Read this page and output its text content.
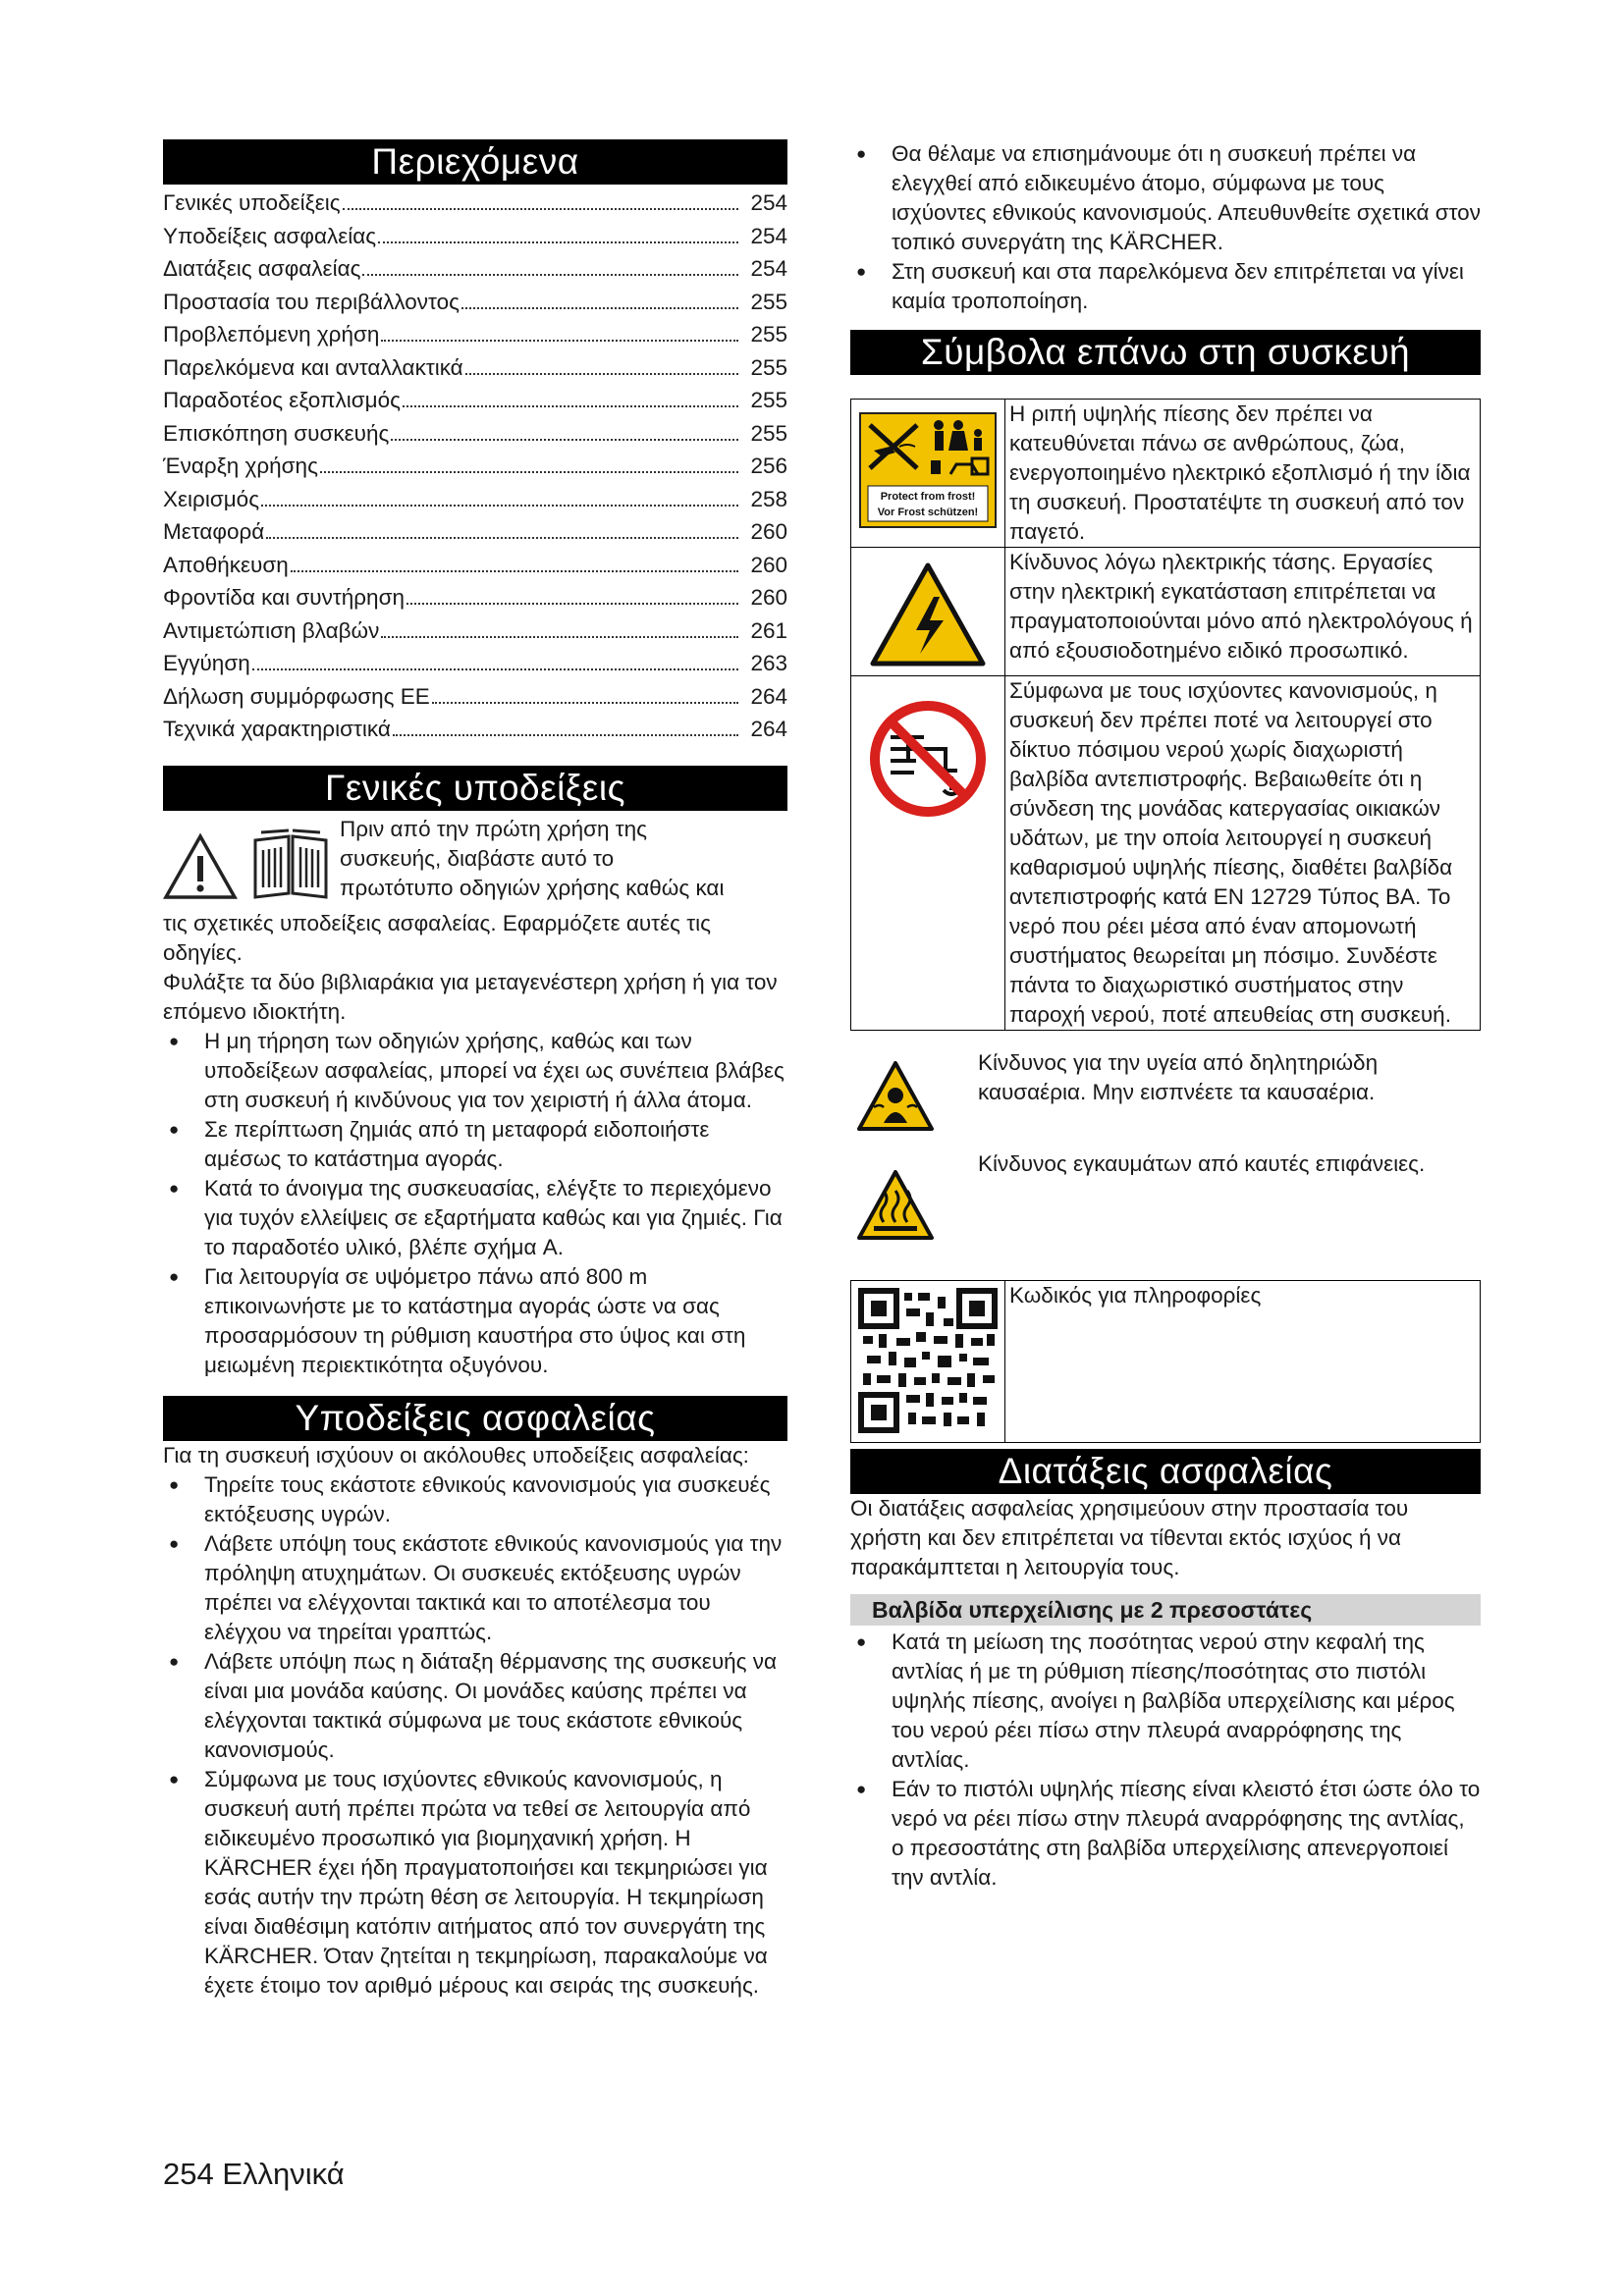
Περιεχόμενα
Γενικές υποδείξεις	254
Υποδείξεις ασφαλείας	254
Διατάξεις ασφαλείας	254
Προστασία του περιβάλλοντος	255
Προβλεπόμενη χρήση	255
Παρελκόμενα και ανταλλακτικά	255
Παραδοτέος εξοπλισμός	255
Επισκόπηση συσκευής	255
Έναρξη χρήσης	256
Χειρισμός	258
Μεταφορά	260
Αποθήκευση	260
Φροντίδα και συντήρηση	260
Αντιμετώπιση βλαβών	261
Εγγύηση	263
Δήλωση συμμόρφωσης ΕΕ	264
Τεχνικά χαρακτηριστικά	264
Γενικές υποδείξεις

Πριν από την πρώτη χρήση της

συσκευής, διαβάστε αυτό το

πρωτότυπο οδηγιών χρήσης καθώς και

τις σχετικές υποδείξεις ασφαλείας. Εφαρμόζετε αυτές τις οδηγίες.

Φυλάξτε τα δύο βιβλιαράκια για μεταγενέστερη χρήση ή για τον επόμενο ιδιοκτήτη.

● Η μη τήρηση των οδηγιών χρήσης, καθώς και των υποδείξεων ασφαλείας, μπορεί να έχει ως συνέπεια βλάβες στη συσκευή ή κινδύνους για τον χειριστή ή άλλα άτομα.
● Σε περίπτωση ζημιάς από τη μεταφορά ειδοποιήστε αμέσως το κατάστημα αγοράς.
● Κατά το άνοιγμα της συσκευασίας, ελέγξτε το περιεχόμενο για τυχόν ελλείψεις σε εξαρτήματα καθώς και για ζημιές. Για το παραδοτέο υλικό, βλέπε σχήμα A.
● Για λειτουργία σε υψόμετρο πάνω από 800 m επικοινωνήστε με το κατάστημα αγοράς ώστε να σας προσαρμόσουν τη ρύθμιση καυστήρα στο ύψος και στη μειωμένη περιεκτικότητα οξυγόνου.
Υποδείξεις ασφαλείας

Για τη συσκευή ισχύουν οι ακόλουθες υποδείξεις ασφαλείας:

● Τηρείτε τους εκάστοτε εθνικούς κανονισμούς για συσκευές εκτόξευσης υγρών.
● Λάβετε υπόψη τους εκάστοτε εθνικούς κανονισμούς για την πρόληψη ατυχημάτων. Οι συσκευές εκτόξευσης υγρών πρέπει να ελέγχονται τακτικά και το αποτέλεσμα του ελέγχου να τηρείται γραπτώς.
● Λάβετε υπόψη πως η διάταξη θέρμανσης της συσκευής να είναι μια μονάδα καύσης. Οι μονάδες καύσης πρέπει να ελέγχονται τακτικά σύμφωνα με τους εκάστοτε εθνικούς κανονισμούς.
● Σύμφωνα με τους ισχύοντες εθνικούς κανονισμούς, η συσκευή αυτή πρέπει πρώτα να τεθεί σε λειτουργία από ειδικευμένο προσωπικό για βιομηχανική χρήση. Η KÄRCHER έχει ήδη πραγματοποιήσει και τεκμηριώσει για εσάς αυτήν την πρώτη θέση σε λειτουργία. Η τεκμηρίωση είναι διαθέσιμη κατόπιν αιτήματος από τον συνεργάτη της KÄRCHER. Όταν ζητείται η τεκμηρίωση, παρακαλούμε να έχετε έτοιμο τον αριθμό μέρους και σειράς της συσκευής.
● Θα θέλαμε να επισημάνουμε ότι η συσκευή πρέπει να ελεγχθεί από ειδικευμένο άτομο, σύμφωνα με τους ισχύοντες εθνικούς κανονισμούς. Απευθυνθείτε σχετικά στον τοπικό συνεργάτη της KÄRCHER.
● Στη συσκευή και στα παρελκόμενα δεν επιτρέπεται να γίνει καμία τροποποίηση.
Σύμβολα επάνω στη συσκευή
Protect from frost!
Vor Frost schützen!	Η ριπή υψηλής πίεσης δεν πρέπει να κατευθύνεται πάνω σε ανθρώπους, ζώα, ενεργοποιημένο ηλεκτρικό εξοπλισμό ή την ίδια τη συσκευή. Προστατέψτε τη συσκευή από τον παγετό.
	Κίνδυνος λόγω ηλεκτρικής τάσης. Εργασίες στην ηλεκτρική εγκατάσταση επιτρέπεται να πραγματοποιούνται μόνο από ηλεκτρολόγους ή από εξουσιοδοτημένο ειδικό προσωπικό.
	Σύμφωνα με τους ισχύοντες κανονισμούς, η συσκευή δεν πρέπει ποτέ να λειτουργεί στο δίκτυο πόσιμου νερού χωρίς διαχωριστή βαλβίδα αντεπιστροφής. Βεβαιωθείτε ότι η σύνδεση της μονάδας κατεργασίας οικιακών υδάτων, με την οποία λειτουργεί η συσκευή καθαρισμού υψηλής πίεσης, διαθέτει βαλβίδα αντεπιστροφής κατά EN 12729 Τύπος BA. Το νερό που ρέει μέσα από έναν απομονωτή συστήματος θεωρείται μη πόσιμο. Συνδέστε πάντα το διαχωριστικό συστήματος στην παροχή νερού, ποτέ απευθείας στη συσκευή.
Κίνδυνος για την υγεία από δηλητηριώδη καυσαέρια. Μην εισπνέετε τα καυσαέρια.
Κίνδυνος εγκαυμάτων από καυτές επιφάνειες.
	Κωδικός για πληροφορίες
Διατάξεις ασφαλείας

Οι διατάξεις ασφαλείας χρησιμεύουν στην προστασία του χρήστη και δεν επιτρέπεται να τίθενται εκτός ισχύος ή να παρακάμπτεται η λειτουργία τους.

Βαλβίδα υπερχείλισης με 2 πρεσοστάτες
● Κατά τη μείωση της ποσότητας νερού στην κεφαλή της αντλίας ή με τη ρύθμιση πίεσης/ποσότητας στο πιστόλι υψηλής πίεσης, ανοίγει η βαλβίδα υπερχείλισης και μέρος του νερού ρέει πίσω στην πλευρά αναρρόφησης της αντλίας.
● Εάν το πιστόλι υψηλής πίεσης είναι κλειστό έτσι ώστε όλο το νερό να ρέει πίσω στην πλευρά αναρρόφησης της αντλίας, ο πρεσοστάτης στη βαλβίδα υπερχείλισης απενεργοποιεί την αντλία.
254 Ελληνικά
